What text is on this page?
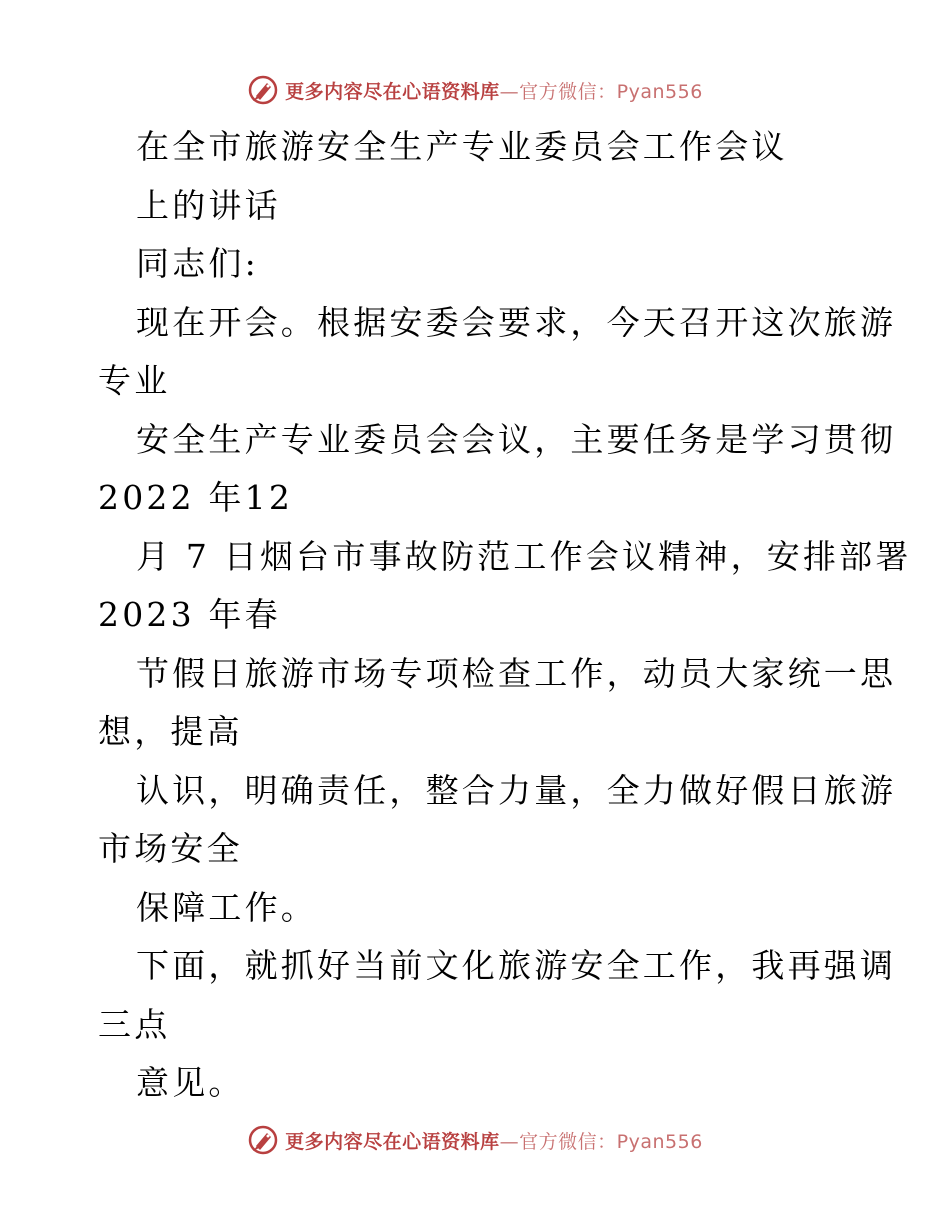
更多内容尽在心语资料库—官方微信：Pyan556
在全市旅游安全生产专业委员会工作会议
上的讲话
同志们:
现在开会。根据安委会要求，今天召开这次旅游
专业
安全生产专业委员会会议，主要任务是学习贯彻
2022 年12
月 7 日烟台市事故防范工作会议精神，安排部署
2023 年春
节假日旅游市场专项检查工作，动员大家统一思
想，提高
认识，明确责任，整合力量，全力做好假日旅游
市场安全
保障工作。
下面，就抓好当前文化旅游安全工作，我再强调
三点
意见。
更多内容尽在心语资料库—官方微信：Pyan556
